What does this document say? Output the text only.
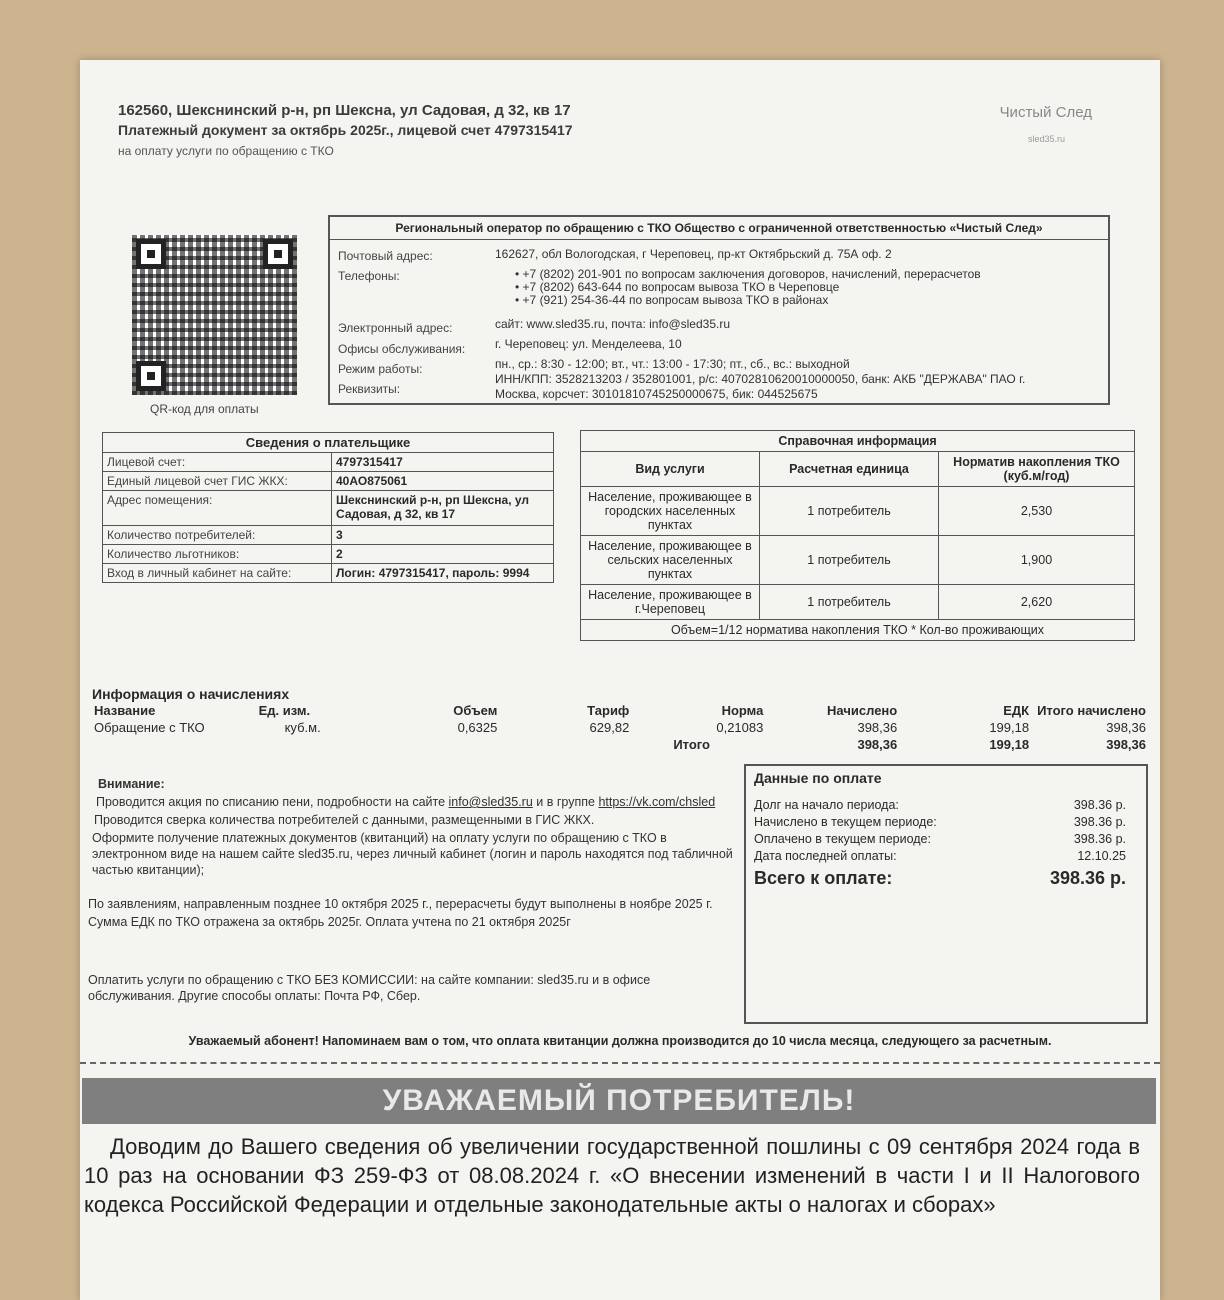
162560, Шекснинский р-н, рп Шексна, ул Садовая, д 32, кв 17
Платежный документ за октябрь 2025г., лицевой счет 4797315417
на оплату услуги по обращению с ТКО
Чистый След
sled35.ru
QR-код для оплаты
Региональный оператор по обращению с ТКО Общество с ограниченной ответственностью «Чистый След»
Почтовый адрес:	162627, обл Вологодская, г Череповец, пр-кт Октябрьский д. 75А оф. 2
Телефоны:	• +7 (8202) 201-901 по вопросам заключения договоров, начислений, перерасчетов
• +7 (8202) 643-644 по вопросам вывоза ТКО в Череповце
• +7 (921) 254-36-44 по вопросам вывоза ТКО в районах
Электронный адрес:	сайт: www.sled35.ru, почта: info@sled35.ru
Офисы обслуживания: г. Череповец: ул. Менделеева, 10
Режим работы:	пн., ср.: 8:30 - 12:00; вт., чт.: 13:00 - 17:30; пт., сб., вс.: выходной
Реквизиты:
ИНН/КПП: 3528213203 / 352801001, р/с: 40702810620010000050, банк: АКБ "ДЕРЖАВА" ПАО г.
Москва, корсчет: 30101810745250000675, бик: 044525675
Сведения о плательщике	
Лицевой счет:	4797315417
Единый лицевой счет ГИС ЖКХ:	40АО875061
Адрес помещения:	Шекснинский р-н, рп Шексна, ул Садовая, д 32, кв 17
Количество потребителей:	3
Количество льготников:	2
Вход в личный кабинет на сайте:	Логин: 4797315417, пароль: 9994
Справочная информация		
Вид услуги	Расчетная единица	Норматив накопления ТКО (куб.м/год)
Население, проживающее в городских населенных пунктах	1 потребитель	2,530
Население, проживающее в сельских населенных пунктах	1 потребитель	1,900
Население, проживающее в г.Череповец	1 потребитель	2,620
Объем=1/12 норматива накопления ТКО * Кол-во проживающих		
Информация о начислениях
Название	Ед. изм.	Объем	Тариф	Норма	Начислено	ЕДК	Итого начислено
Обращение с ТКО	куб.м.	0,6325	629,82	0,21083	398,36	199,18	398,36
				Итого	398,36	199,18	398,36

Внимание:

Проводится акция по списанию пени, подробности на сайте info@sled35.ru и в группе https://vk.com/chsled

Проводится сверка количества потребителей с данными, размещенными в ГИС ЖКХ.

Оформите получение платежных документов (квитанций) на оплату услуги по обращению с ТКО в электронном виде на нашем сайте sled35.ru, через личный кабинет (логин и пароль находятся под табличной частью квитанции);

По заявлениям, направленным позднее 10 октября 2025 г., перерасчеты будут выполнены в ноябре 2025 г.

Сумма ЕДК по ТКО отражена за октябрь 2025г. Оплата учтена по 21 октября 2025г

Оплатить услуги по обращению с ТКО БЕЗ КОМИССИИ: на сайте компании: sled35.ru и в офисе обслуживания. Другие способы оплаты: Почта РФ, Сбер.

Данные по оплате
Долг на начало периода:	398.36 р.
Начислено в текущем периоде:	398.36 р.
Оплачено в текущем периоде:	398.36 р.
Дата последней оплаты:	12.10.25
Всего к оплате:	398.36 р.
Уважаемый абонент! Напоминаем вам о том, что оплата квитанции должна производится до 10 числа месяца, следующего за расчетным.
УВАЖАЕМЫЙ ПОТРЕБИТЕЛЬ!
Доводим до Вашего сведения об увеличении государственной пошлины с 09 сентября 2024 года в 10 раз на основании ФЗ 259-ФЗ от 08.08.2024 г. «О внесении изменений в части I и II Налогового кодекса Российской Федерации и отдельные законодательные акты о налогах и сборах»
